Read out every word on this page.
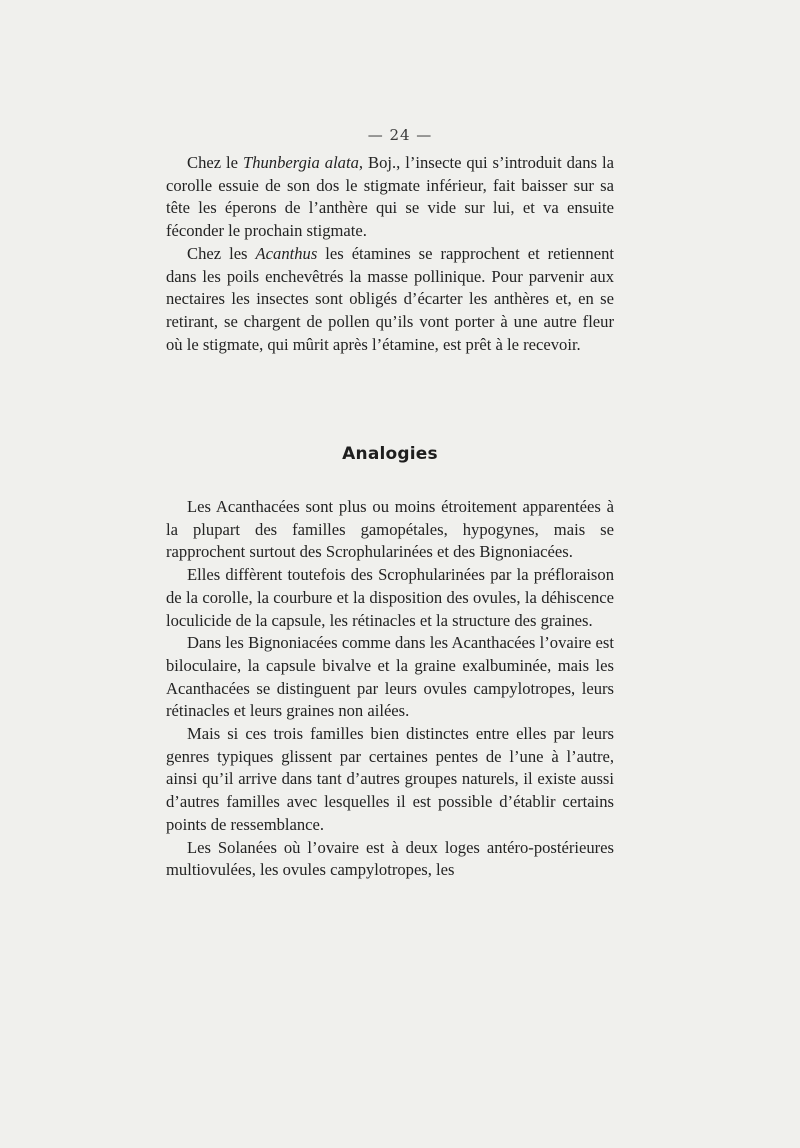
— 24 —

Chez le Thunbergia alata, Boj., l’insecte qui s’introduit dans la corolle essuie de son dos le stigmate inférieur, fait baisser sur sa tête les éperons de l’anthère qui se vide sur lui, et va ensuite féconder le prochain stigmate.

Chez les Acanthus les étamines se rapprochent et retiennent dans les poils enchevêtrés la masse pollinique. Pour parvenir aux nectaires les insectes sont obligés d’écarter les anthères et, en se retirant, se chargent de pollen qu’ils vont porter à une autre fleur où le stigmate, qui mûrit après l’étamine, est prêt à le recevoir.

Analogies

Les Acanthacées sont plus ou moins étroitement apparentées à la plupart des familles gamopétales, hypogynes, mais se rapprochent surtout des Scrophularinées et des Bignoniacées.

Elles diffèrent toutefois des Scrophularinées par la préfloraison de la corolle, la courbure et la disposition des ovules, la déhiscence loculicide de la capsule, les rétinacles et la structure des graines.

Dans les Bignoniacées comme dans les Acanthacées l’ovaire est biloculaire, la capsule bivalve et la graine exalbuminée, mais les Acanthacées se distinguent par leurs ovules campylotropes, leurs rétinacles et leurs graines non ailées.

Mais si ces trois familles bien distinctes entre elles par leurs genres typiques glissent par certaines pentes de l’une à l’autre, ainsi qu’il arrive dans tant d’autres groupes naturels, il existe aussi d’autres familles avec lesquelles il est possible d’établir certains points de ressemblance.

Les Solanées où l’ovaire est à deux loges antéro-postérieures multiovulées, les ovules campylotropes, les
